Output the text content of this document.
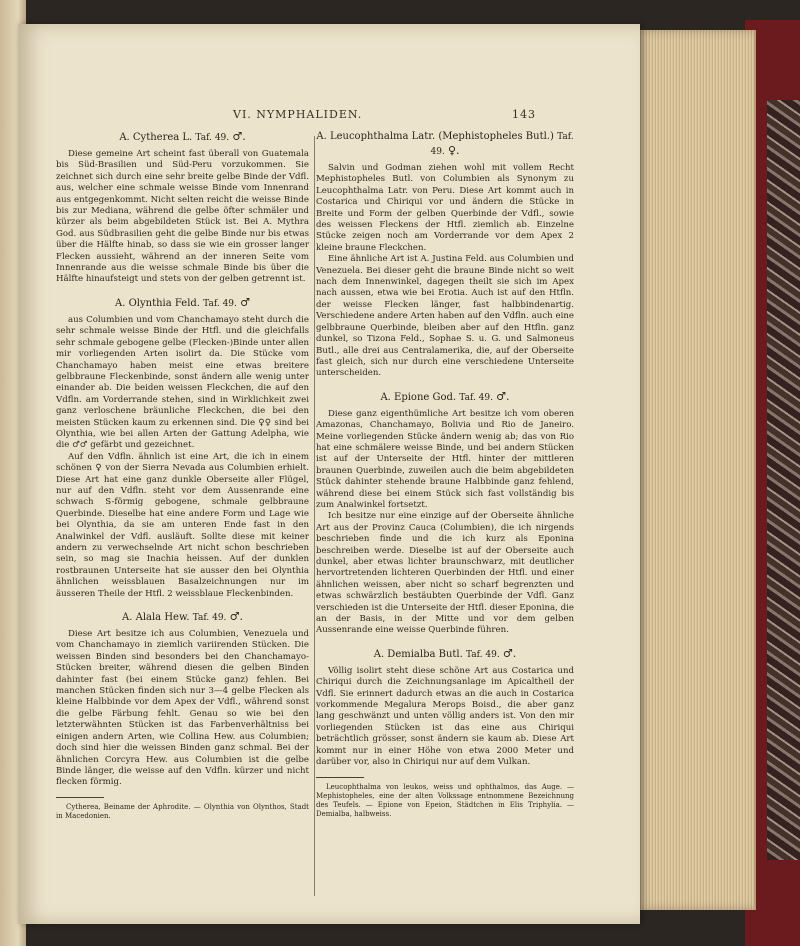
VI. NYMPHALIDEN.	143
A. Cytherea L. Taf. 49. ♂.

Diese gemeine Art scheint fast überall von Guatemala bis Süd-Brasilien und Süd-Peru vorzukommen. Sie zeichnet sich durch eine sehr breite gelbe Binde der Vdfl. aus, welcher eine schmale weisse Binde vom Innenrand aus entgegenkommt. Nicht selten reicht die weisse Binde bis zur Mediana, während die gelbe öfter schmäler und kürzer als beim abgebildeten Stück ist. Bei A. Mythra God. aus Südbrasilien geht die gelbe Binde nur bis etwas über die Hälfte hinab, so dass sie wie ein grosser langer Flecken aussieht, während an der inneren Seite vom Innenrande aus die weisse schmale Binde bis über die Hälfte hinaufsteigt und stets von der gelben getrennt ist.

A. Olynthia Feld. Taf. 49. ♂

aus Columbien und vom Chanchamayo steht durch die sehr schmale weisse Binde der Htfl. und die gleichfalls sehr schmale gebogene gelbe (Flecken-)Binde unter allen mir vorliegenden Arten isolirt da. Die Stücke vom Chanchamayo haben meist eine etwas breitere gelbbraune Fleckenbinde, sonst ändern alle wenig unter einander ab. Die beiden weissen Fleckchen, die auf den Vdfln. am Vorderrande stehen, sind in Wirklichkeit zwei ganz verloschene bräunliche Fleckchen, die bei den meisten Stücken kaum zu erkennen sind. Die ♀♀ sind bei Olynthia, wie bei allen Arten der Gattung Adelpha, wie die ♂♂ gefärbt und gezeichnet.

Auf den Vdfln. ähnlich ist eine Art, die ich in einem schönen ♀ von der Sierra Nevada aus Columbien erhielt. Diese Art hat eine ganz dunkle Oberseite aller Flügel, nur auf den Vdfln. steht vor dem Aussenrande eine schwach S-förmig gebogene, schmale gelbbraune Querbinde. Dieselbe hat eine andere Form und Lage wie bei Olynthia, da sie am unteren Ende fast in den Analwinkel der Vdfl. ausläuft. Sollte diese mit keiner andern zu verwechselnde Art nicht schon beschrieben sein, so mag sie Inachia heissen. Auf der dunklen rostbraunen Unterseite hat sie ausser den bei Olynthia ähnlichen weissblauen Basalzeichnungen nur im äusseren Theile der Htfl. 2 weissblaue Fleckenbinden.

A. Alala Hew. Taf. 49. ♂.

Diese Art besitze ich aus Columbien, Venezuela und vom Chanchamayo in ziemlich variirenden Stücken. Die weissen Binden sind besonders bei den Chanchamayo-Stücken breiter, während diesen die gelben Binden dahinter fast (bei einem Stücke ganz) fehlen. Bei manchen Stücken finden sich nur 3—4 gelbe Flecken als kleine Halbbinde vor dem Apex der Vdfl., während sonst die gelbe Färbung fehlt. Genau so wie bei den letzterwähnten Stücken ist das Farbenverhältniss bei einigen andern Arten, wie Collina Hew. aus Columbien; doch sind hier die weissen Binden ganz schmal. Bei der ähnlichen Corcyra Hew. aus Columbien ist die gelbe Binde länger, die weisse auf den Vdfln. kürzer und nicht flecken förmig.

Cytherea, Beiname der Aphrodite. — Olynthia von Olynthos, Stadt in Macedonien.

A. Leucophthalma Latr. (Mephistopheles Butl.) Taf. 49. ♀.

Salvin und Godman ziehen wohl mit vollem Recht Mephistopheles Butl. von Columbien als Synonym zu Leucophthalma Latr. von Peru. Diese Art kommt auch in Costarica und Chiriqui vor und ändern die Stücke in Breite und Form der gelben Querbinde der Vdfl., sowie des weissen Fleckens der Htfl. ziemlich ab. Einzelne Stücke zeigen noch am Vorderrande vor dem Apex 2 kleine braune Fleckchen.

Eine ähnliche Art ist A. Justina Feld. aus Columbien und Venezuela. Bei dieser geht die braune Binde nicht so weit nach dem Innenwinkel, dagegen theilt sie sich im Apex nach aussen, etwa wie bei Erotia. Auch ist auf den Htfln. der weisse Flecken länger, fast halbbindenartig. Verschiedene andere Arten haben auf den Vdfln. auch eine gelbbraune Querbinde, bleiben aber auf den Htfln. ganz dunkel, so Tizona Feld., Sophae S. u. G. und Salmoneus Butl., alle drei aus Centralamerika, die, auf der Oberseite fast gleich, sich nur durch eine verschiedene Unterseite unterscheiden.

A. Epione God. Taf. 49. ♂.

Diese ganz eigenthümliche Art besitze ich vom oberen Amazonas, Chanchamayo, Bolivia und Rio de Janeiro. Meine vorliegenden Stücke ändern wenig ab; das von Rio hat eine schmälere weisse Binde, und bei andern Stücken ist auf der Unterseite der Htfl. hinter der mittleren braunen Querbinde, zuweilen auch die beim abgebildeten Stück dahinter stehende braune Halbbinde ganz fehlend, während diese bei einem Stück sich fast vollständig bis zum Analwinkel fortsetzt.

Ich besitze nur eine einzige auf der Oberseite ähnliche Art aus der Provinz Cauca (Columbien), die ich nirgends beschrieben finde und die ich kurz als Eponina beschreiben werde. Dieselbe ist auf der Oberseite auch dunkel, aber etwas lichter braunschwarz, mit deutlicher hervortretenden lichteren Querbinden der Htfl. und einer ähnlichen weissen, aber nicht so scharf begrenzten und etwas schwärzlich bestäubten Querbinde der Vdfl. Ganz verschieden ist die Unterseite der Htfl. dieser Eponina, die an der Basis, in der Mitte und vor dem gelben Aussenrande eine weisse Querbinde führen.

A. Demialba Butl. Taf. 49. ♂.

Völlig isolirt steht diese schöne Art aus Costarica und Chiriqui durch die Zeichnungsanlage im Apicaltheil der Vdfl. Sie erinnert dadurch etwas an die auch in Costarica vorkommende Megalura Merops Boisd., die aber ganz lang geschwänzt und unten völlig anders ist. Von den mir vorliegenden Stücken ist das eine aus Chiriqui beträchtlich grösser, sonst ändern sie kaum ab. Diese Art kommt nur in einer Höhe von etwa 2000 Meter und darüber vor, also in Chiriqui nur auf dem Vulkan.

Leucophthalma von leukos, weiss und ophthalmos, das Auge. — Mephistopheles, eine der alten Volkssage entnommene Bezeichnung des Teufels. — Epione von Epeion, Städtchen in Elis Triphylia. — Demialba, halbweiss.
